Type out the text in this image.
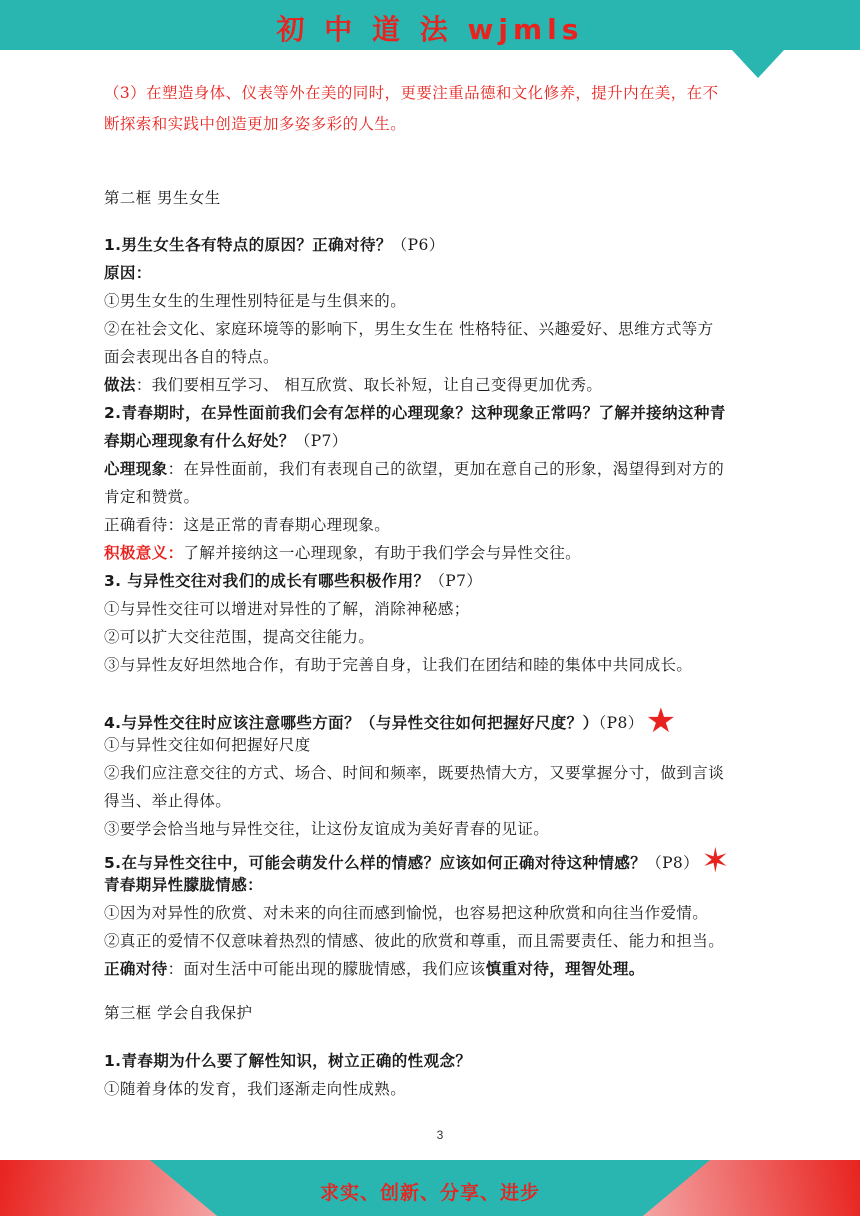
初 中 道 法 wjmls
（3）在塑造身体、仪表等外在美的同时，更要注重品德和文化修养，提升内在美，在不
断探索和实践中创造更加多姿多彩的人生。
第二框 男生女生
1.男生女生各有特点的原因？正确对待？（P6）
原因：
①男生女生的生理性别特征是与生俱来的。
②在社会文化、家庭环境等的影响下，男生女生在 性格特征、兴趣爱好、思维方式等方
面会表现出各自的特点。
做法：我们要相互学习、 相互欣赏、取长补短，让自己变得更加优秀。
2.青春期时，在异性面前我们会有怎样的心理现象？这种现象正常吗？了解并接纳这种青
春期心理现象有什么好处？（P7）
心理现象：在异性面前，我们有表现自己的欲望，更加在意自己的形象，渴望得到对方的
肯定和赞赏。
正确看待：这是正常的青春期心理现象。
积极意义：了解并接纳这一心理现象，有助于我们学会与异性交往。
3. 与异性交往对我们的成长有哪些积极作用？（P7）
①与异性交往可以增进对异性的了解，消除神秘感；
②可以扩大交往范围，提高交往能力。
③与异性友好坦然地合作，有助于完善自身，让我们在团结和睦的集体中共同成长。
4.与异性交往时应该注意哪些方面？（与异性交往如何把握好尺度？）（P8）★
①与异性交往如何把握好尺度
②我们应注意交往的方式、场合、时间和频率，既要热情大方，又要掌握分寸，做到言谈
得当、举止得体。
③要学会恰当地与异性交往，让这份友谊成为美好青春的见证。
5.在与异性交往中，可能会萌发什么样的情感？应该如何正确对待这种情感？（P8）✶
青春期异性朦胧情感：
①因为对异性的欣赏、对未来的向往而感到愉悦，也容易把这种欣赏和向往当作爱情。
②真正的爱情不仅意味着热烈的情感、彼此的欣赏和尊重，而且需要责任、能力和担当。
正确对待：面对生活中可能出现的朦胧情感，我们应该慎重对待，理智处理。
第三框 学会自我保护
1.青春期为什么要了解性知识，树立正确的性观念？
①随着身体的发育，我们逐渐走向性成熟。
3
求实、创新、分享、进步
